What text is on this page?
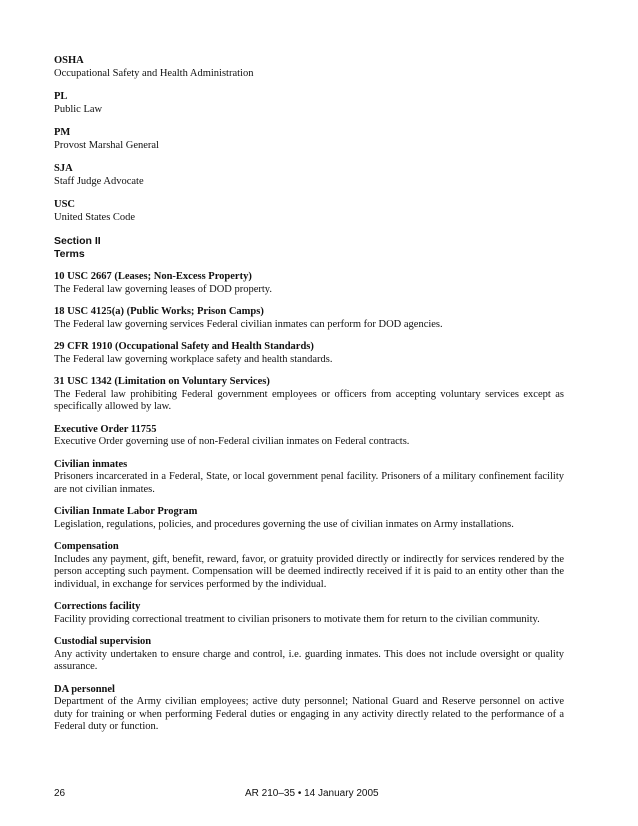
OSHA
Occupational Safety and Health Administration
PL
Public Law
PM
Provost Marshal General
SJA
Staff Judge Advocate
USC
United States Code
Section II
Terms
10 USC 2667 (Leases; Non-Excess Property)
The Federal law governing leases of DOD property.
18 USC 4125(a) (Public Works; Prison Camps)
The Federal law governing services Federal civilian inmates can perform for DOD agencies.
29 CFR 1910 (Occupational Safety and Health Standards)
The Federal law governing workplace safety and health standards.
31 USC 1342 (Limitation on Voluntary Services)
The Federal law prohibiting Federal government employees or officers from accepting voluntary services except as specifically allowed by law.
Executive Order 11755
Executive Order governing use of non-Federal civilian inmates on Federal contracts.
Civilian inmates
Prisoners incarcerated in a Federal, State, or local government penal facility. Prisoners of a military confinement facility are not civilian inmates.
Civilian Inmate Labor Program
Legislation, regulations, policies, and procedures governing the use of civilian inmates on Army installations.
Compensation
Includes any payment, gift, benefit, reward, favor, or gratuity provided directly or indirectly for services rendered by the person accepting such payment. Compensation will be deemed indirectly received if it is paid to an entity other than the individual, in exchange for services performed by the individual.
Corrections facility
Facility providing correctional treatment to civilian prisoners to motivate them for return to the civilian community.
Custodial supervision
Any activity undertaken to ensure charge and control, i.e. guarding inmates. This does not include oversight or quality assurance.
DA personnel
Department of the Army civilian employees; active duty personnel; National Guard and Reserve personnel on active duty for training or when performing Federal duties or engaging in any activity directly related to the performance of a Federal duty or function.
26	AR 210–35 • 14 January 2005
